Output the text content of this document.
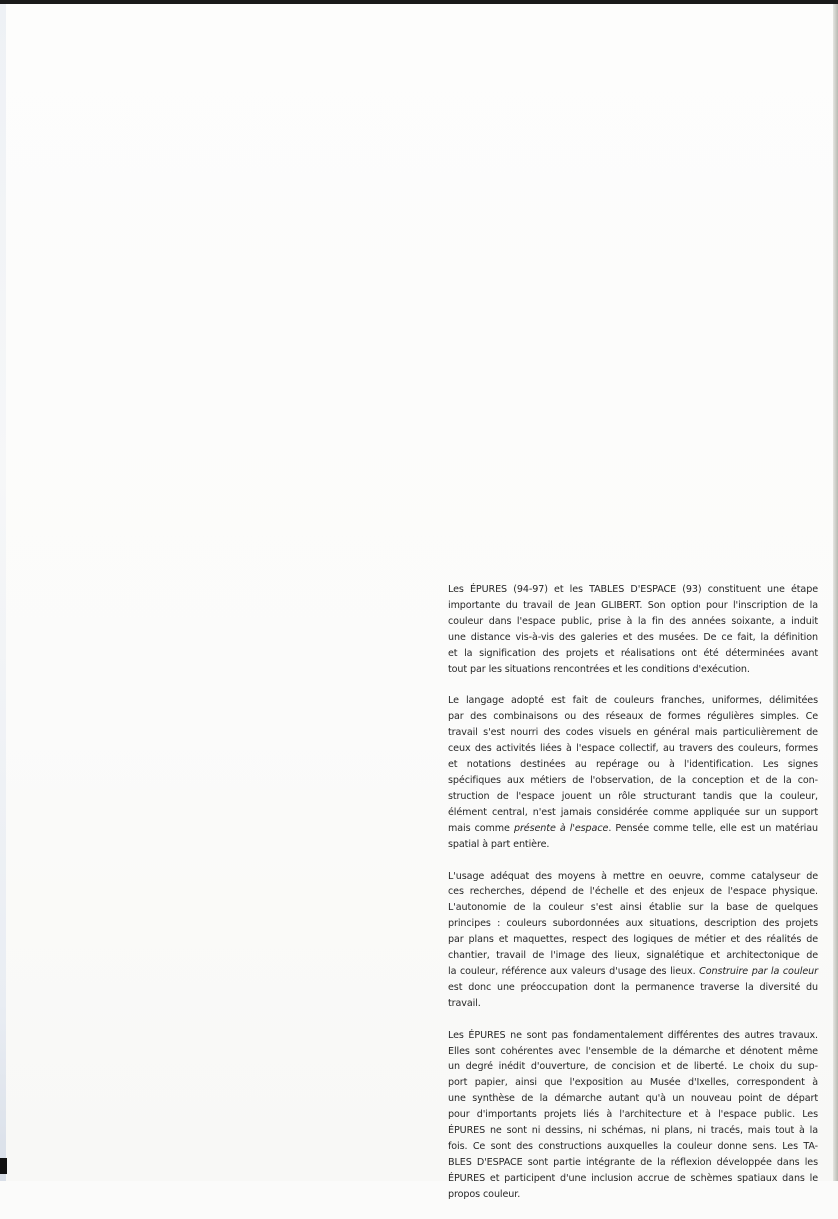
Les ÉPURES (94-97) et les TABLES D'ESPACE (93) constituent une étape
importante du travail de Jean GLIBERT. Son option pour l'inscription de la
couleur dans l'espace public, prise à la fin des années soixante, a induit
une distance vis-à-vis des galeries et des musées. De ce fait, la définition
et la signification des projets et réalisations ont été déterminées avant
tout par les situations rencontrées et les conditions d'exécution.
Le langage adopté est fait de couleurs franches, uniformes, délimitées
par des combinaisons ou des réseaux de formes régulières simples. Ce
travail s'est nourri des codes visuels en général mais particulièrement de
ceux des activités liées à l'espace collectif, au travers des couleurs, formes
et notations destinées au repérage ou à l'identification. Les signes
spécifiques aux métiers de l'observation, de la conception et de la con-
struction de l'espace jouent un rôle structurant tandis que la couleur,
élément central, n'est jamais considérée comme appliquée sur un support
mais comme présente à l'espace. Pensée comme telle, elle est un matériau
spatial à part entière.
L'usage adéquat des moyens à mettre en oeuvre, comme catalyseur de
ces recherches, dépend de l'échelle et des enjeux de l'espace physique.
L'autonomie de la couleur s'est ainsi établie sur la base de quelques
principes : couleurs subordonnées aux situations, description des projets
par plans et maquettes, respect des logiques de métier et des réalités de
chantier, travail de l'image des lieux, signalétique et architectonique de
la couleur, référence aux valeurs d'usage des lieux. Construire par la couleur
est donc une préoccupation dont la permanence traverse la diversité du
travail.
Les ÉPURES ne sont pas fondamentalement différentes des autres travaux.
Elles sont cohérentes avec l'ensemble de la démarche et dénotent même
un degré inédit d'ouverture, de concision et de liberté. Le choix du sup-
port papier, ainsi que l'exposition au Musée d'Ixelles, correspondent à
une synthèse de la démarche autant qu'à un nouveau point de départ
pour d'importants projets liés à l'architecture et à l'espace public. Les
ÉPURES ne sont ni dessins, ni schémas, ni plans, ni tracés, mais tout à la
fois. Ce sont des constructions auxquelles la couleur donne sens. Les TA-
BLES D'ESPACE sont partie intégrante de la réflexion développée dans les
ÉPURES et participent d'une inclusion accrue de schèmes spatiaux dans le
propos couleur.
